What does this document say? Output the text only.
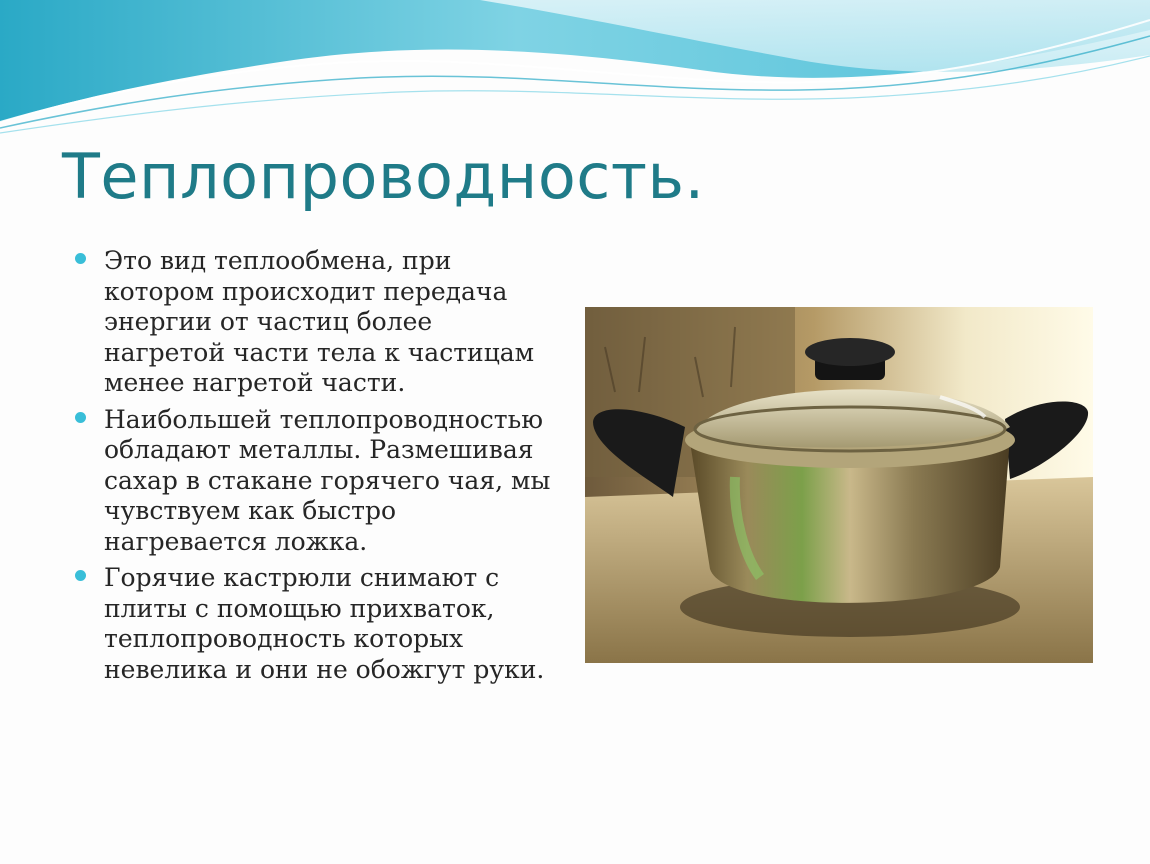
Теплопроводность.
Это вид теплообмена, при котором происходит передача энергии от частиц более нагретой части тела к частицам менее нагретой части.
Наибольшей теплопроводностью обладают металлы. Размешивая сахар в стакане горячего чая, мы чувствуем как быстро нагревается ложка.
Горячие кастрюли снимают с плиты с помощью прихваток, теплопроводность которых невелика и они не обожгут руки.
